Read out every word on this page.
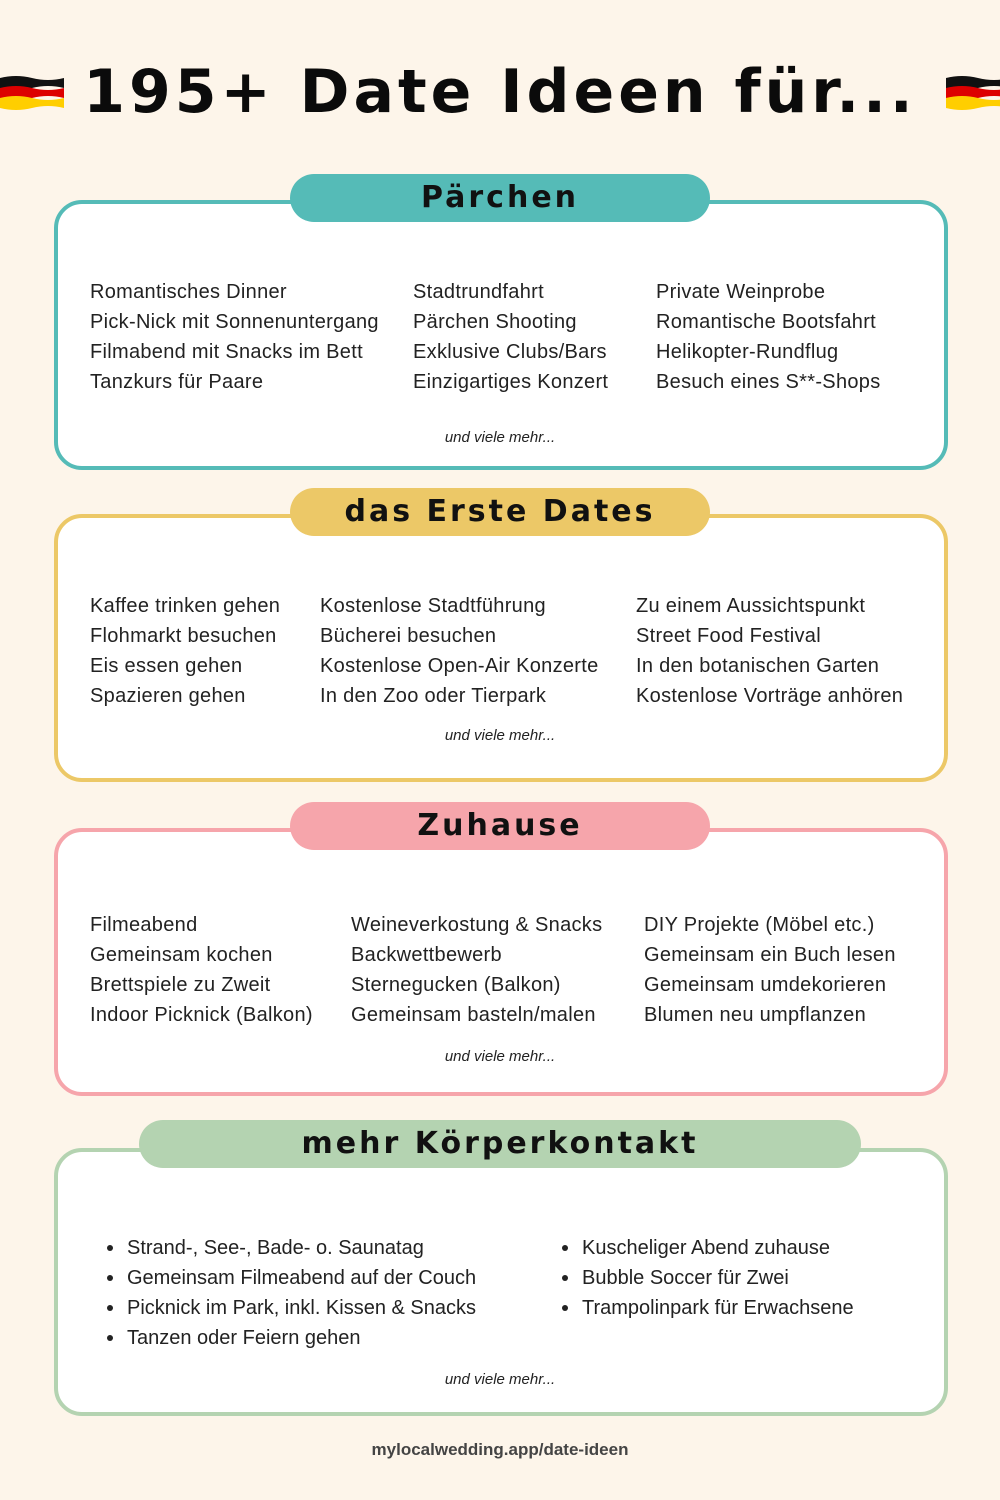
195+ Date Ideen für...
Pärchen
Romantisches Dinner
Pick-Nick mit Sonnenuntergang
Filmabend mit Snacks im Bett
Tanzkurs für Paare
Stadtrundfahrt
Pärchen Shooting
Exklusive Clubs/Bars
Einzigartiges Konzert
Private Weinprobe
Romantische Bootsfahrt
Helikopter-Rundflug
Besuch eines S**-Shops
und viele mehr...
das Erste Dates
Kaffee trinken gehen
Flohmarkt besuchen
Eis essen gehen
Spazieren gehen
Kostenlose Stadtführung
Bücherei besuchen
Kostenlose Open-Air Konzerte
In den Zoo oder Tierpark
Zu einem Aussichtspunkt
Street Food Festival
In den botanischen Garten
Kostenlose Vorträge anhören
und viele mehr...
Zuhause
Filmeabend
Gemeinsam kochen
Brettspiele zu Zweit
Indoor Picknick (Balkon)
Weineverkostung & Snacks
Backwettbewerb
Sternegucken (Balkon)
Gemeinsam basteln/malen
DIY Projekte (Möbel etc.)
Gemeinsam ein Buch lesen
Gemeinsam umdekorieren
Blumen neu umpflanzen
und viele mehr...
mehr Körperkontakt
Strand-, See-, Bade- o. Saunatag
Gemeinsam Filmeabend auf der Couch
Picknick im Park, inkl. Kissen & Snacks
Tanzen oder Feiern gehen
Kuscheliger Abend zuhause
Bubble Soccer für Zwei
Trampolinpark für Erwachsene
und viele mehr...
mylocalwedding.app/date-ideen
